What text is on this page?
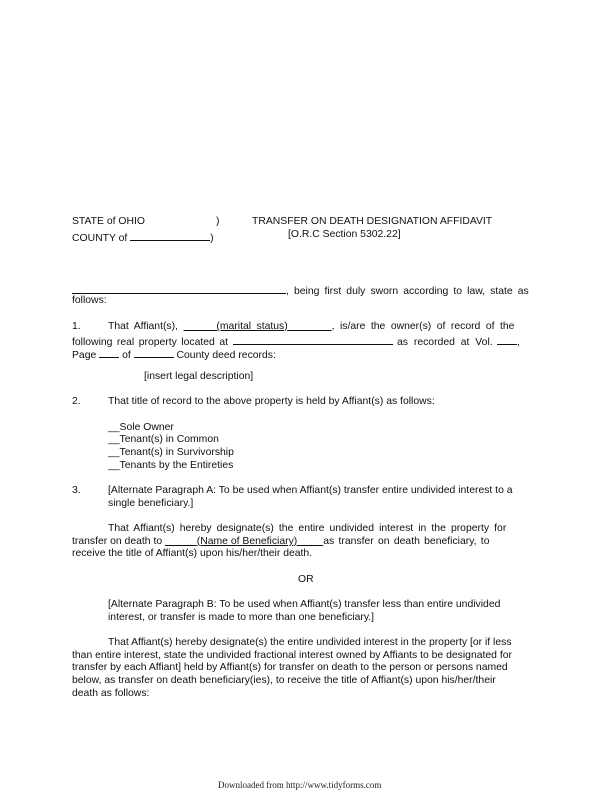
STATE of OHIO	)	TRANSFER ON DEATH DESIGNATION AFFIDAVIT
COUNTY of	)	[O.R.C Section 5302.22]
, being first duly sworn according to law, state as
follows:
1.	That Affiant(s),	(marital status)	, is/are the owner(s) of record of the
following real property located at	as recorded at Vol. ,
Page of	County deed records:
[insert legal description]
2.	That title of record to the above property is held by Affiant(s) as follows:
__Sole Owner
__Tenant(s) in Common
__Tenant(s) in Survivorship
__Tenants by the Entireties
3.	[Alternate Paragraph A: To be used when Affiant(s) transfer entire undivided interest to a
single beneficiary.]
That Affiant(s) hereby designate(s) the entire undivided interest in the property for
transfer on death to	(Name of Beneficiary) as transfer on death beneficiary, to
receive the title of Affiant(s) upon his/her/their death.
OR
[Alternate Paragraph B: To be used when Affiant(s) transfer less than entire undivided
interest, or transfer is made to more than one beneficiary.]
That Affiant(s) hereby designate(s) the entire undivided interest in the property [or if less
than entire interest, state the undivided fractional interest owned by Affiants to be designated for
transfer by each Affiant] held by Affiant(s) for transfer on death to the person or persons named
below, as transfer on death beneficiary(ies), to receive the title of Affiant(s) upon his/her/their
death as follows:
Downloaded from http://www.tidyforms.com
